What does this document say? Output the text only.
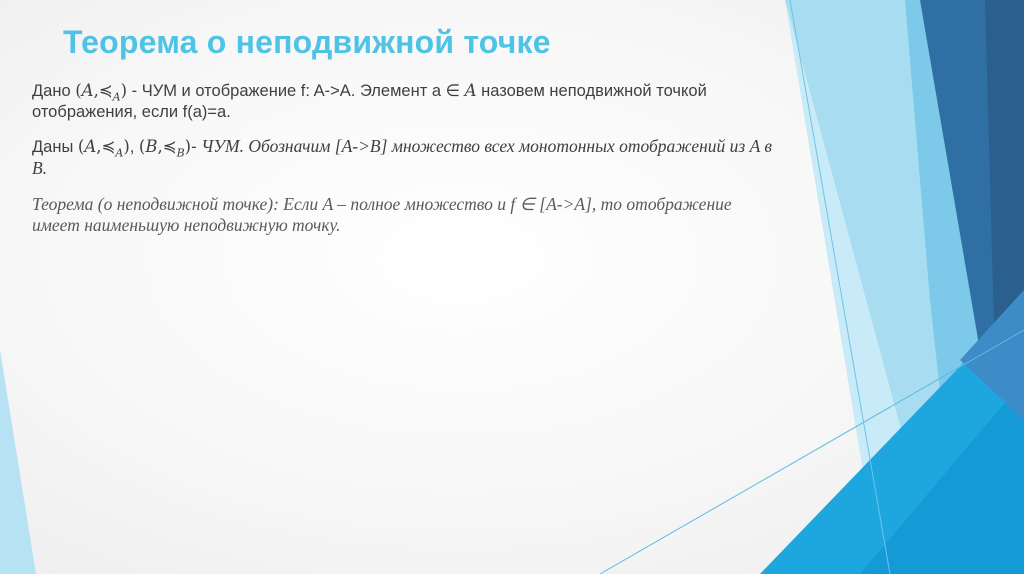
Теорема о неподвижной точке
Дано $(A,≼_A)$ - ЧУМ и отображение f: A->A. Элемент a ∈ A назовем неподвижной точкой отображения, если f(a)=a.
Даны $(A,≼_A)$, $(B,≼_B)-$ ЧУМ. Обозначим [A->B] множество всех монотонных отображений из A в B.
Теорема (о неподвижной точке): Если A – полное множество и f ∈ [A->A], то отображение имеет наименьшую неподвижную точку.
